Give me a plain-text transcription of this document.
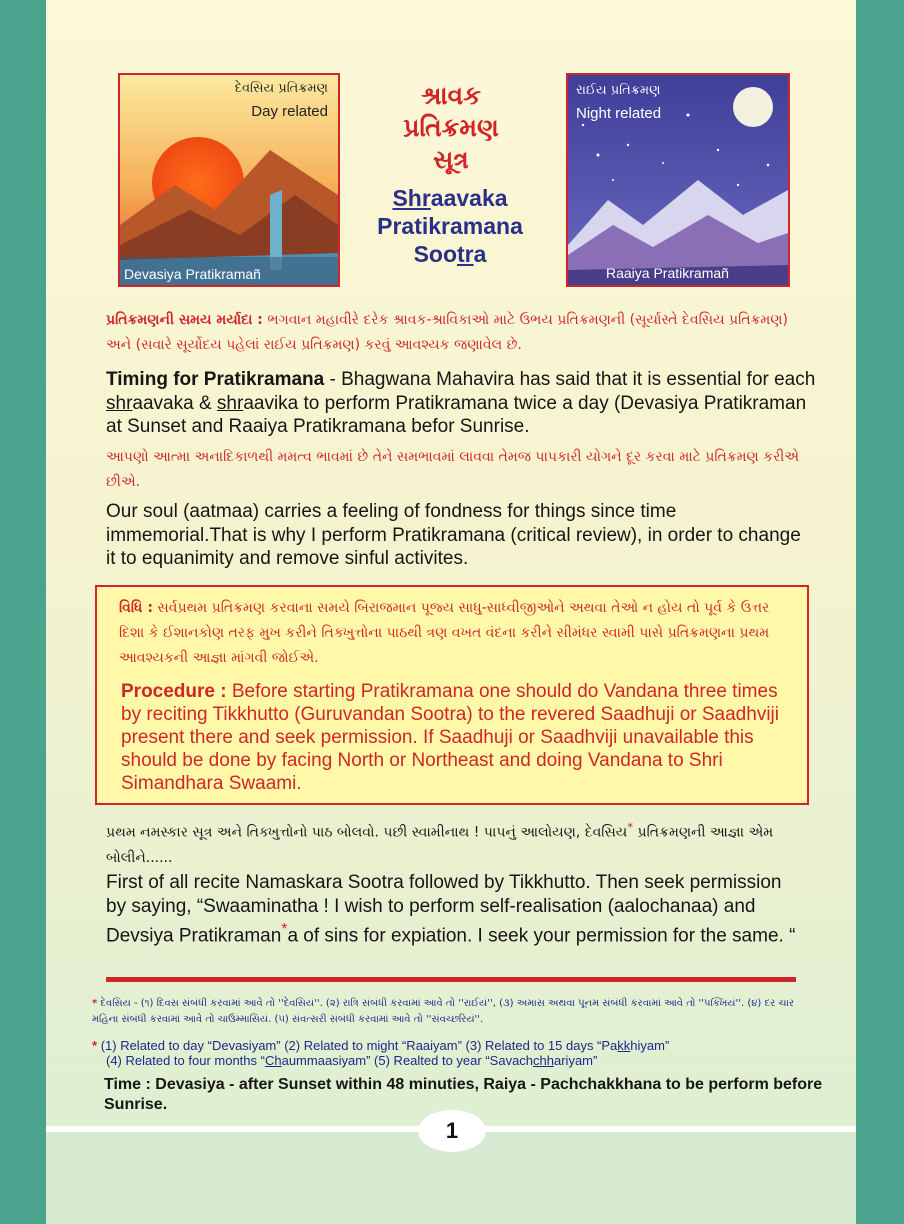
દેવસિય પ્રતિક્રમણ
Day related
Devasiya Pratikramañ
શ્રાવક
પ્રતિક્રમણ
સૂત્ર
Shraavaka
Pratikramana
Sootra
રાઈય પ્રતિક્રમણ
Night related
Raaiya Pratikramañ
પ્રતિક્રમણની સમય મર્યાદા : ભગવાન મહાવીરે દરેક શ્રાવક-શ્રાવિકાઓ માટે ઉભય પ્રતિક્રમણની (સૂર્યાસ્તે દેવસિય પ્રતિક્રમણ) અને (સવારે સૂર્યોદય પહેલાં રાઈય પ્રતિક્રમણ) કરવું આવશ્યક જણાવેલ છે.
Timing for Pratikramana - Bhagwana Mahavira has said that it is essential for each shraavaka & shraavika to perform Pratikramana twice a day (Devasiya Pratikraman at Sunset and Raaiya Pratikramana befor Sunrise.
આપણો આત્મા અનાદિકાળથી મમત્વ ભાવમાં છે તેને સમભાવમાં લાવવા તેમજ પાપકારી યોગને દૂર કરવા માટે પ્રતિક્રમણ કરીએ છીએ.
Our soul (aatmaa) carries a feeling of fondness for things since time immemorial.That is why I perform Pratikramana (critical review), in order to change it to equanimity and remove sinful activites.
વિધિ : સર્વપ્રથમ પ્રતિક્રમણ કરવાના સમયે બિરાજમાન પૂજ્ય સાધુ-સાધ્વીજીઓને અથવા તેઓ ન હોય તો પૂર્વ કે ઉત્તર દિશા કે ઈશાનકોણ તરફ મુખ કરીને તિક્ખુત્તોના પાઠથી ત્રણ વખત વંદના કરીને સીમંધર સ્વામી પાસે પ્રતિક્રમણના પ્રથમ આવશ્યકની આજ્ઞા માંગવી જોઈએ.
Procedure : Before starting Pratikramana one should do Vandana three times by reciting Tikkhutto (Guruvandan Sootra) to the revered Saadhuji or Saadhviji present there and seek permission. If Saadhuji or Saadhviji unavailable this should be done by facing North or Northeast and doing Vandana to Shri Simandhara Swaami.
પ્રથમ નમસ્કાર સૂત્ર અને તિક્ખુત્તોનો પાઠ બોલવો. પછી સ્વામીનાથ ! પાપનું આલોયણ, દેવસિય* પ્રતિક્રમણની આજ્ઞા એમ બોલીને......
First of all recite Namaskara Sootra followed by Tikkhutto. Then seek permission by saying, “Swaaminatha ! I wish to perform self-realisation (aalochanaa) and Devsiya Pratikraman*a of sins for expiation. I seek your permission for the same. “
* દેવસિય - (૧) દિવસ સંબંધી કરવામાં આવે તો ''દેવસિયં''. (૨) રાત્રિ સંબંધી કરવામાં આવે તો ''રાઈયં'', (૩) અમાસ અથવા પૂનમ સંબંધી કરવામાં આવે તો ''પક્ખિયં''. (૪) દર ચાર મહિના સંબંધી કરવામાં આવે તો ચાઉમ્માસિયં. (૫) સંવત્સરી સંબંધી કરવામાં આવે તો ''સંવચ્છરિયં''.
* (1) Related to day “Devasiyam” (2) Related to might “Raaiyam” (3) Related to 15 days “Pakkhiyam”
(4) Related to four months “Chaummaasiyam” (5) Realted to year “Savachchhariyam”
Time : Devasiya - after Sunset within 48 minuties, Raiya - Pachchakkhana to be perform before Sunrise.
1
